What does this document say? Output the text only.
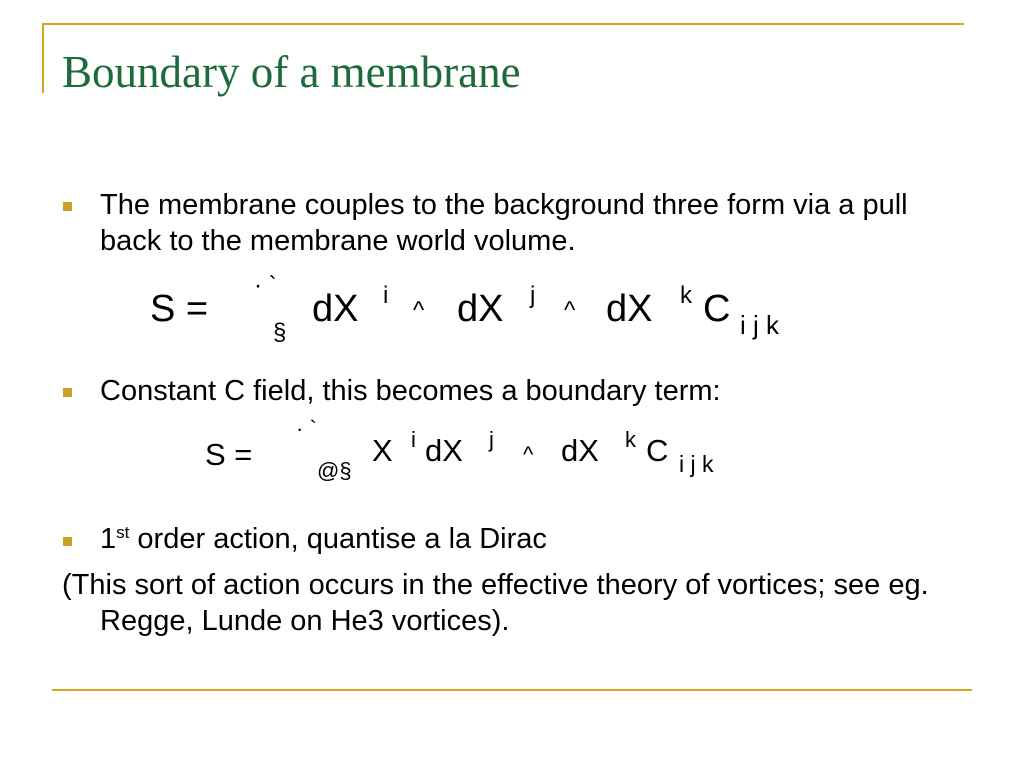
Boundary of a membrane

The membrane couples to the background three form via a pull back to the membrane world volume.

S =
· `
§
dX i
^ dX j
^ dX k C i j k

Constant C field, this becomes a boundary term:

S =
· `
@§
X i dX j
^ dX k C i j k

1st order action, quantise a la Dirac

(This sort of action occurs in the effective theory of vortices; see eg. Regge, Lunde on He3 vortices).
